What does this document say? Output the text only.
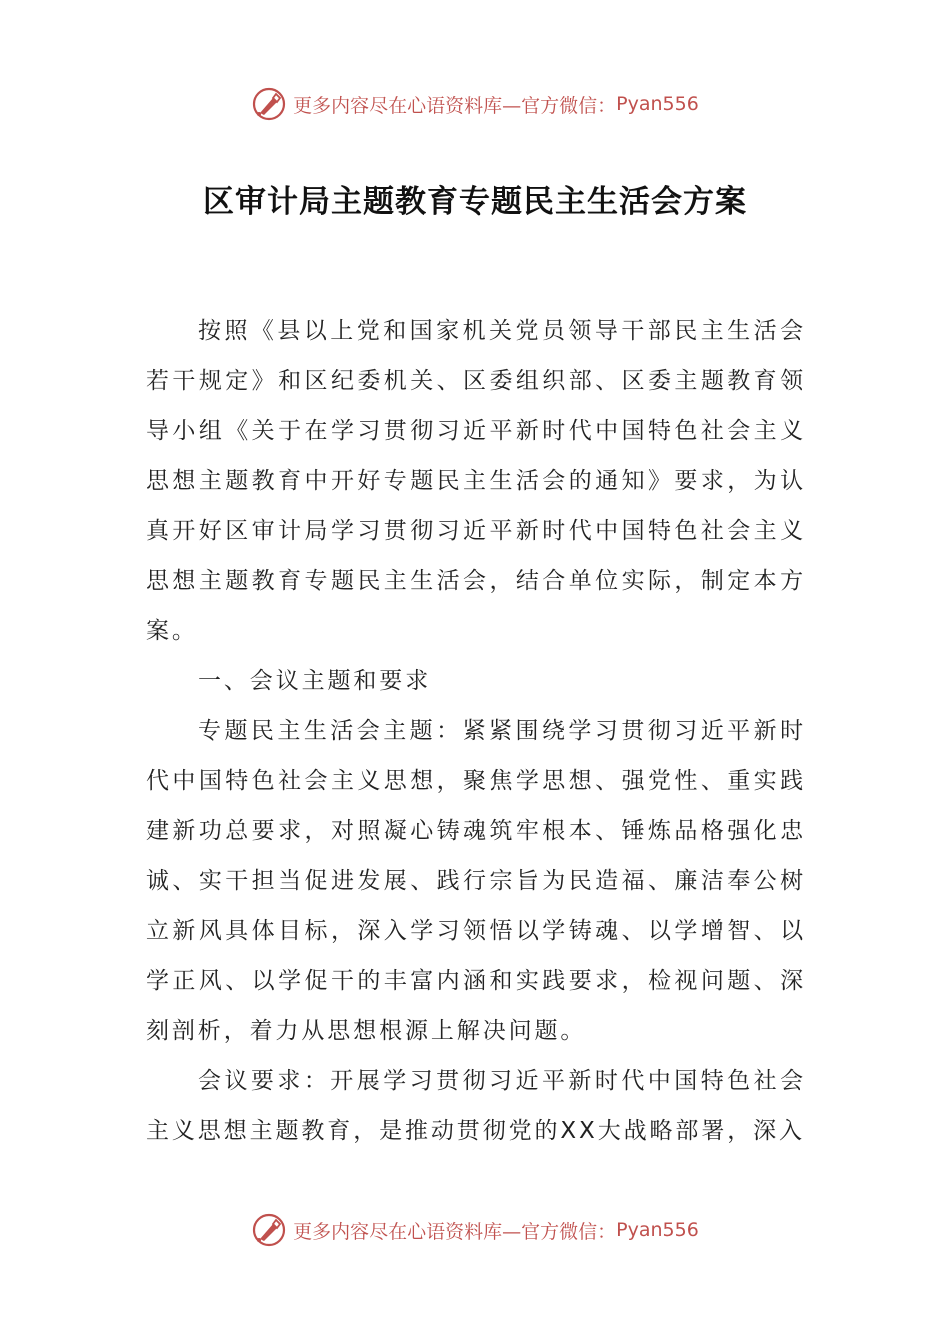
更多内容尽在心语资料库—官方微信： Pyan556
区审计局主题教育专题民主生活会方案

按照《县以上党和国家机关党员领导干部民主生活会若干规定》和区纪委机关、区委组织部、区委主题教育领导小组《关于在学习贯彻习近平新时代中国特色社会主义思想主题教育中开好专题民主生活会的通知》要求，为认真开好区审计局学习贯彻习近平新时代中国特色社会主义思想主题教育专题民主生活会，结合单位实际，制定本方案。

一、会议主题和要求

专题民主生活会主题：紧紧围绕学习贯彻习近平新时代中国特色社会主义思想，聚焦学思想、强党性、重实践建新功总要求，对照凝心铸魂筑牢根本、锤炼品格强化忠诚、实干担当促进发展、践行宗旨为民造福、廉洁奉公树立新风具体目标，深入学习领悟以学铸魂、以学增智、以学正风、以学促干的丰富内涵和实践要求，检视问题、深刻剖析，着力从思想根源上解决问题。

会议要求：开展学习贯彻习近平新时代中国特色社会主义思想主题教育，是推动贯彻党的XX大战略部署，深入

更多内容尽在心语资料库—官方微信： Pyan556
